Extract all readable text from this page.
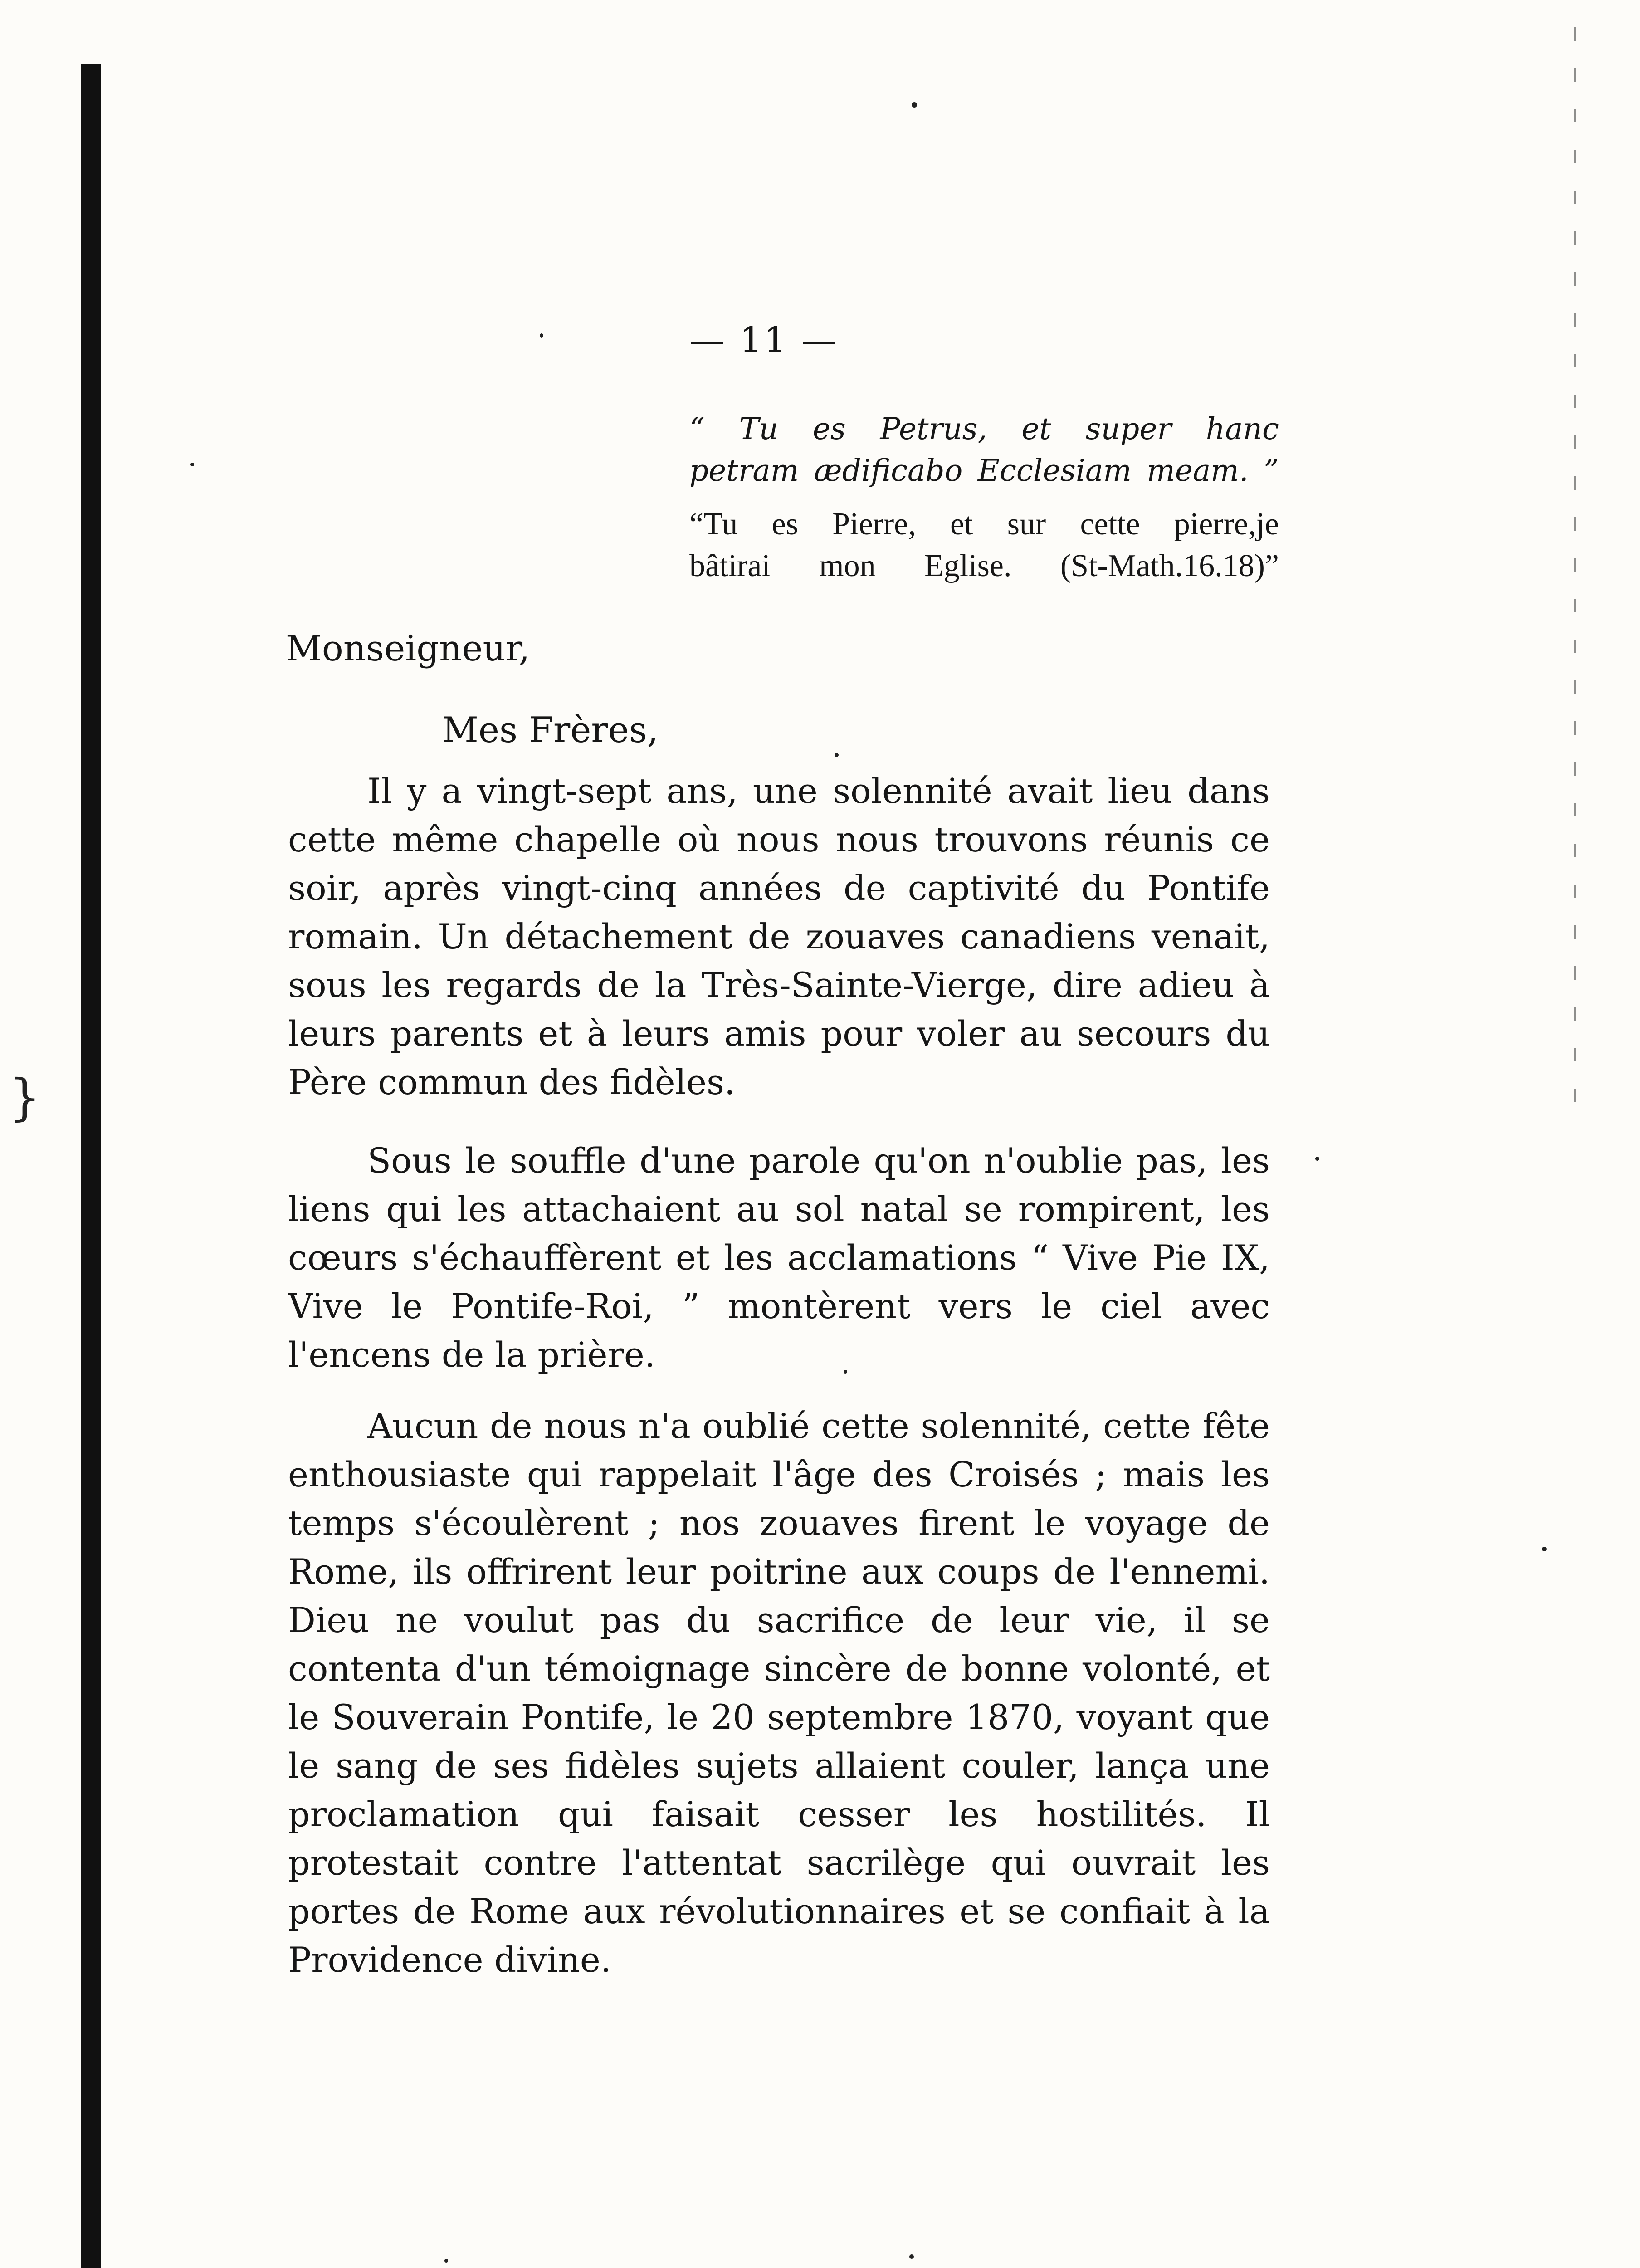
}
— 11 —
“ Tu es Petrus, et super hanc
petram ædificabo Ecclesiam meam. ”
“Tu es Pierre, et sur cette pierre,je
bâtirai mon Eglise. (St-Math.16.18)”
Monseigneur,
Mes Frères,

Il y a vingt-sept ans, une solennité avait lieu dans cette même chapelle où nous nous trouvons réunis ce soir, après vingt-cinq années de captivité du Pontife romain. Un détachement de zouaves canadiens venait, sous les regards de la Très-Sainte-Vierge, dire adieu à leurs parents et à leurs amis pour voler au secours du Père commun des fidèles.

Sous le souffle d'une parole qu'on n'oublie pas, les liens qui les attachaient au sol natal se rompirent, les cœurs s'échauffèrent et les acclamations “ Vive Pie IX, Vive le Pontife-Roi, ” montèrent vers le ciel avec l'encens de la prière.

Aucun de nous n'a oublié cette solennité, cette fête enthousiaste qui rappelait l'âge des Croisés ; mais les temps s'écoulèrent ; nos zouaves firent le voyage de Rome, ils offrirent leur poitrine aux coups de l'ennemi. Dieu ne voulut pas du sacrifice de leur vie, il se contenta d'un témoignage sincère de bonne volonté, et le Souverain Pontife, le 20 septembre 1870, voyant que le sang de ses fidèles sujets allaient couler, lança une proclamation qui faisait cesser les hostilités. Il protestait contre l'attentat sacrilège qui ouvrait les portes de Rome aux révolutionnaires et se confiait à la Providence divine.
